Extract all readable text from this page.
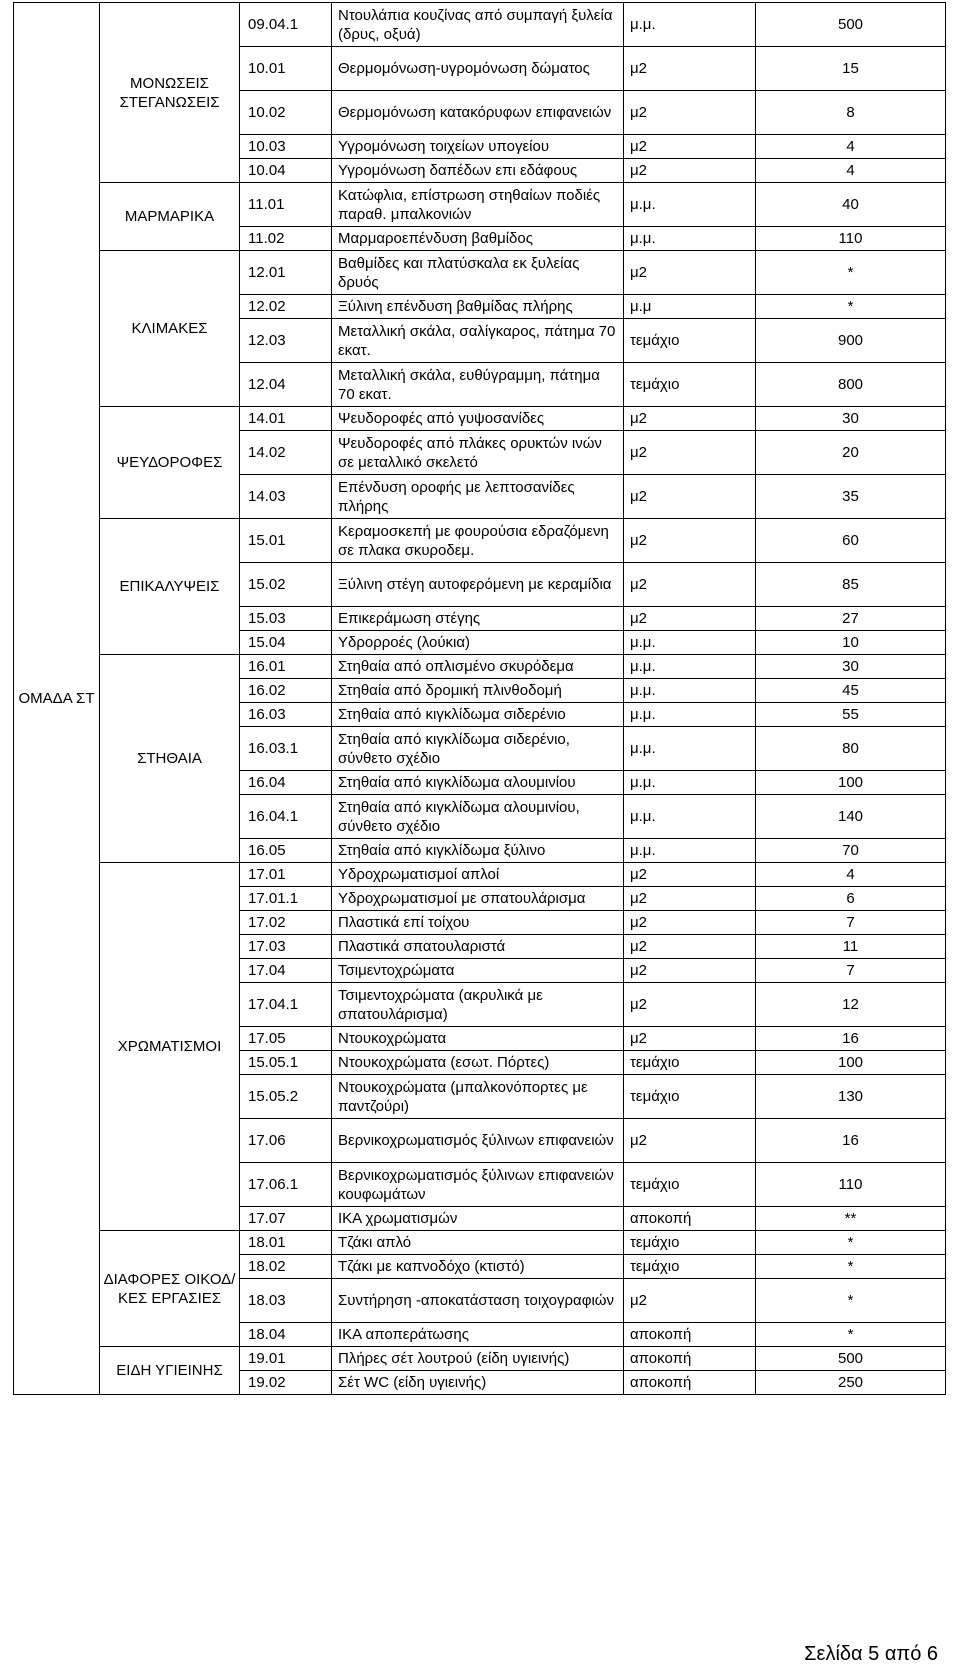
ΟΜΑΔΑ ΣΤ	ΜΟΝΩΣΕΙΣ ΣΤΕΓΑΝΩΣΕΙΣ	09.04.1	Ντουλάπια κουζίνας από συμπαγή ξυλεία (δρυς, οξυά)	μ.μ.	500
		10.01	Θερμομόνωση-υγρομόνωση δώματος	μ2	15
		10.02	Θερμομόνωση κατακόρυφων επιφανειών	μ2	8
		10.03	Υγρομόνωση τοιχείων υπογείου	μ2	4
		10.04	Υγρομόνωση δαπέδων επι εδάφους	μ2	4
	ΜΑΡΜΑΡΙΚΑ	11.01	Κατώφλια, επίστρωση στηθαίων ποδιές παραθ. μπαλκονιών	μ.μ.	40
		11.02	Μαρμαροεπένδυση βαθμίδος	μ.μ.	110
	ΚΛΙΜΑΚΕΣ	12.01	Βαθμίδες και πλατύσκαλα εκ ξυλείας δρυός	μ2	*
		12.02	Ξύλινη επένδυση βαθμίδας πλήρης	μ.μ	*
		12.03	Μεταλλική σκάλα, σαλίγκαρος, πάτημα 70 εκατ.	τεμάχιο	900
		12.04	Μεταλλική σκάλα, ευθύγραμμη, πάτημα 70 εκατ.	τεμάχιο	800
	ΨΕΥΔΟΡΟΦΕΣ	14.01	Ψευδοροφές από γυψοσανίδες	μ2	30
		14.02	Ψευδοροφές από πλάκες ορυκτών ινών σε μεταλλικό σκελετό	μ2	20
		14.03	Επένδυση οροφής με λεπτοσανίδες πλήρης	μ2	35
	ΕΠΙΚΑΛΥΨΕΙΣ	15.01	Κεραμοσκεπή με φουρούσια εδραζόμενη σε πλακα σκυροδεμ.	μ2	60
		15.02	Ξύλινη στέγη αυτοφερόμενη με κεραμίδια	μ2	85
		15.03	Επικεράμωση στέγης	μ2	27
		15.04	Υδρορροές (λούκια)	μ.μ.	10
	ΣΤΗΘΑΙΑ	16.01	Στηθαία από οπλισμένο σκυρόδεμα	μ.μ.	30
		16.02	Στηθαία από δρομική πλινθοδομή	μ.μ.	45
		16.03	Στηθαία από κιγκλίδωμα σιδερένιο	μ.μ.	55
		16.03.1	Στηθαία από κιγκλίδωμα σιδερένιο, σύνθετο σχέδιο	μ.μ.	80
		16.04	Στηθαία από κιγκλίδωμα αλουμινίου	μ.μ.	100
		16.04.1	Στηθαία από κιγκλίδωμα αλουμινίου, σύνθετο σχέδιο	μ.μ.	140
		16.05	Στηθαία από κιγκλίδωμα ξύλινο	μ.μ.	70
	ΧΡΩΜΑΤΙΣΜΟΙ	17.01	Υδροχρωματισμοί απλοί	μ2	4
		17.01.1	Υδροχρωματισμοί με σπατουλάρισμα	μ2	6
		17.02	Πλαστικά επί τοίχου	μ2	7
		17.03	Πλαστικά σπατουλαριστά	μ2	11
		17.04	Τσιμεντοχρώματα	μ2	7
		17.04.1	Τσιμεντοχρώματα (ακρυλικά με σπατουλάρισμα)	μ2	12
		17.05	Ντουκοχρώματα	μ2	16
		15.05.1	Ντουκοχρώματα (εσωτ. Πόρτες)	τεμάχιο	100
		15.05.2	Ντουκοχρώματα (μπαλκονόπορτες με παντζούρι)	τεμάχιο	130
		17.06	Βερνικοχρωματισμός ξύλινων επιφανειών	μ2	16
		17.06.1	Βερνικοχρωματισμός ξύλινων επιφανειών κουφωμάτων	τεμάχιο	110
		17.07	ΙΚΑ χρωματισμών	αποκοπή	**
	ΔΙΑΦΟΡΕΣ ΟΙΚΟΔ/ΚΕΣ ΕΡΓΑΣΙΕΣ	18.01	Τζάκι απλό	τεμάχιο	*
		18.02	Τζάκι με καπνοδόχο (κτιστό)	τεμάχιο	*
		18.03	Συντήρηση -αποκατάσταση τοιχογραφιών	μ2	*
		18.04	ΙΚΑ αποπεράτωσης	αποκοπή	*
	ΕΙΔΗ ΥΓΙΕΙΝΗΣ	19.01	Πλήρες σέτ λουτρού (είδη υγιεινής)	αποκοπή	500
		19.02	Σέτ WC (είδη υγιεινής)	αποκοπή	250
Σελίδα 5 από 6
